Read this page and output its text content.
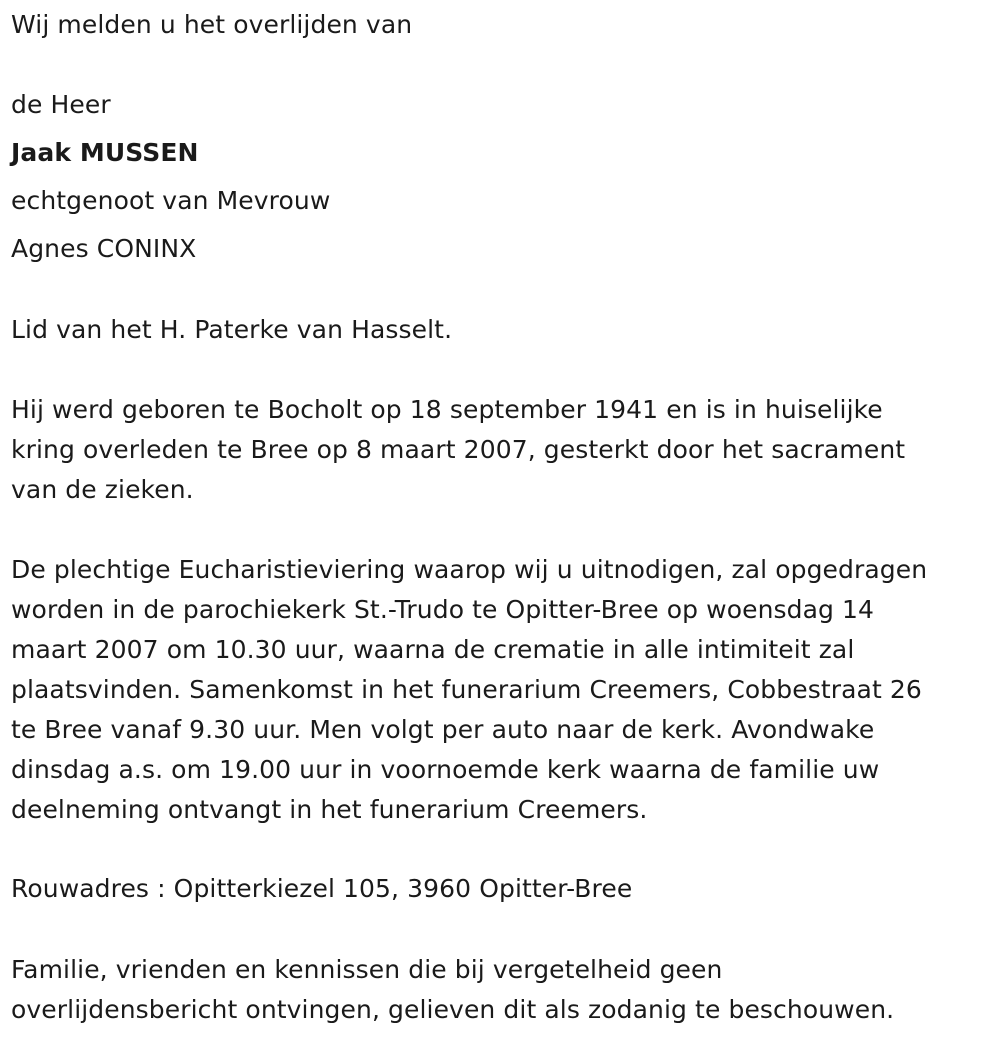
Wij melden u het overlijden van
de Heer
Jaak MUSSEN
echtgenoot van Mevrouw
Agnes CONINX
Lid van het H. Paterke van Hasselt.
Hij werd geboren te Bocholt op 18 september 1941 en is in huiselijke
kring overleden te Bree op 8 maart 2007, gesterkt door het sacrament
van de zieken.
De plechtige Eucharistieviering waarop wij u uitnodigen, zal opgedragen
worden in de parochiekerk St.-Trudo te Opitter-Bree op woensdag 14
maart 2007 om 10.30 uur, waarna de crematie in alle intimiteit zal
plaatsvinden. Samenkomst in het funerarium Creemers, Cobbestraat 26
te Bree vanaf 9.30 uur. Men volgt per auto naar de kerk. Avondwake
dinsdag a.s. om 19.00 uur in voornoemde kerk waarna de familie uw
deelneming ontvangt in het funerarium Creemers.
Rouwadres : Opitterkiezel 105, 3960 Opitter-Bree
Familie, vrienden en kennissen die bij vergetelheid geen
overlijdensbericht ontvingen, gelieven dit als zodanig te beschouwen.
